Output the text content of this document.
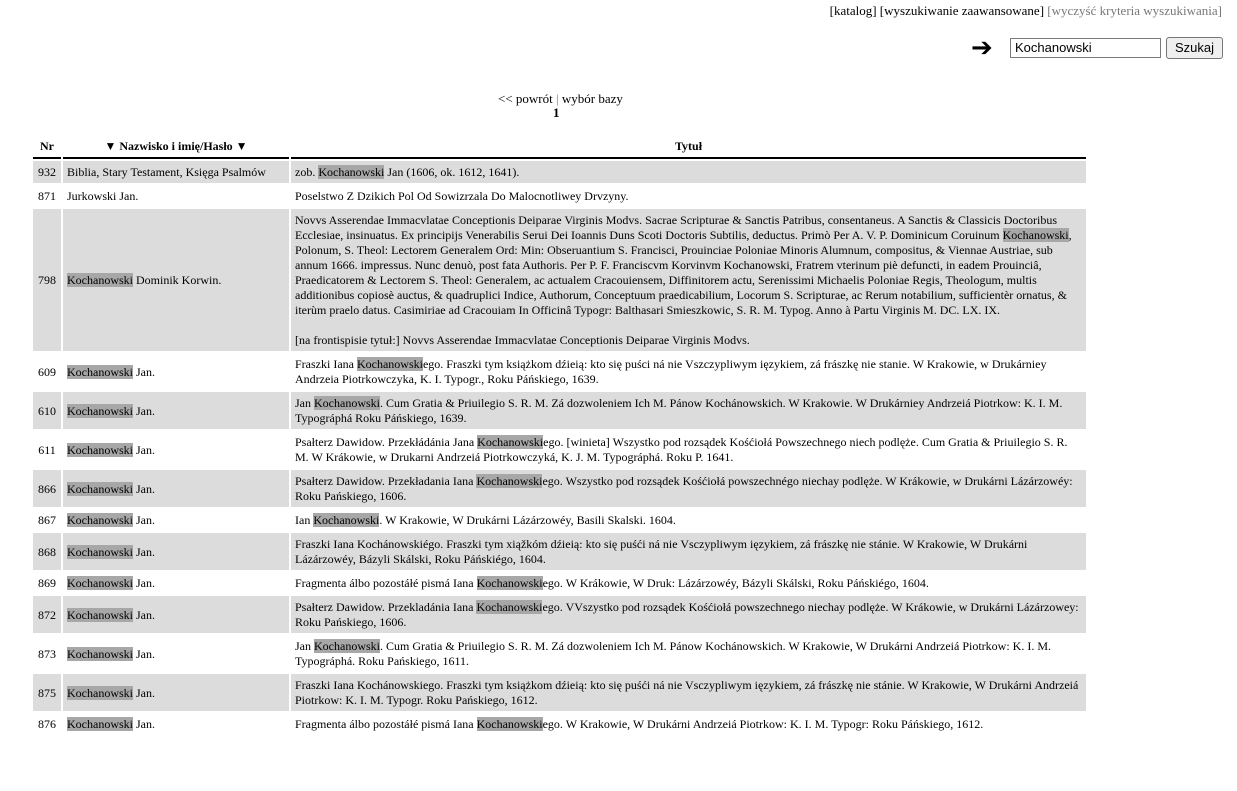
[katalog] [wyszukiwanie zaawansowane] [wyczyść kryteria wyszukiwania]
➔
Kochanowski	Szukaj
<< powrót | wybór bazy
1
Nr	▼ Nazwisko i imię/Hasło ▼	Tytuł
932	Biblia, Stary Testament, Księga Psalmów	zob. Kochanowski Jan (1606, ok. 1612, 1641).
871	Jurkowski Jan.	Poselstwo Z Dzikich Pol Od Sowizrzala Do Malocnotliwey Drvzyny.
798	Kochanowski Dominik Korwin.	Novvs Asserendae Immacvlatae Conceptionis Deiparae Virginis Modvs. Sacrae Scripturae & Sanctis Patribus, consentaneus. A Sanctis & Classicis Doctoribus Ecclesiae, insinuatus. Ex principijs Venerabilis Serui Dei Ioannis Duns Scoti Doctoris Subtilis, deductus. Primò Per A. V. P. Dominicum Coruinum Kochanowski, Polonum, S. Theol: Lectorem Generalem Ord: Min: Obseruantium S. Francisci, Prouinciae Poloniae Minoris Alumnum, compositus, & Viennae Austriae, sub annum 1666. impressus. Nunc denuò, post fata Authoris. Per P. F. Franciscvm Korvinvm Kochanowski, Fratrem vterinum piè defuncti, in eadem Prouinciâ, Praedicatorem & Lectorem S. Theol: Generalem, ac actualem Cracouiensem, Diffinitorem actu, Serenissimi Michaelis Poloniae Regis, Theologum, multis additionibus copiosè auctus, & quadruplici Indice, Authorum, Conceptuum praedicabilium, Locorum S. Scripturae, ac Rerum notabilium, sufficientèr ornatus, & iterùm praelo datus. Casimiriae ad Cracouiam In Officinâ Typogr: Balthasari Smieszkowic, S. R. M. Typog. Anno à Partu Virginis M. DC. LX. IX.
[na frontispisie tytuł:] Novvs Asserendae Immacvlatae Conceptionis Deiparae Virginis Modvs.
609	Kochanowski Jan.	Fraszki Iana Kochanowskiego. Fraszki tym książkom dźieią: kto się puści ná nie Vszczypliwym ięzykiem, zá frászkę nie stanie. W Krakowie, w Drukárniey Andrzeia Piotrkowczyka, K. I. Typogr., Roku Páńskiego, 1639.
610	Kochanowski Jan.	Jan Kochanowski. Cum Gratia & Priuilegio S. R. M. Zá dozwoleniem Ich M. Pánow Kochánowskich. W Krakowie. W Drukárniey Andrzeiá Piotrkow: K. I. M. Typográphá Roku Páńskiego, 1639.
611	Kochanowski Jan.	Psałterz Dawidow. Przekłádánia Jana Kochanowskiego. [winieta] Wszystko pod rozsądek Kośćiołá Powszechnego niech podlęże. Cum Gratia & Priuilegio S. R. M. W Krákowie, w Drukarni Andrzeiá Piotrkowczyká, K. J. M. Typográphá. Roku P. 1641.
866	Kochanowski Jan.	Psałterz Dawidow. Przekładania Iana Kochanowskiego. Wszystko pod rozsądek Kośćiołá powszechnégo niechay podlęże. W Krákowie, w Drukárni Lázárzowéy: Roku Pańskiego, 1606.
867	Kochanowski Jan.	Ian Kochanowski. W Krakowie, W Drukárni Lázárzowéy, Basili Skalski. 1604.
868	Kochanowski Jan.	Fraszki Iana Kochánowskiégo. Fraszki tym xiąžkóm dźieią: kto się puśći ná nie Vsczypliwym ięzykiem, zá frászkę nie stánie. W Krakowie, W Drukárni Lázárzowéy, Bázyli Skálski, Roku Páńskiégo, 1604.
869	Kochanowski Jan.	Fragmenta álbo pozostáłé pismá Iana Kochanowskiego. W Krákowie, W Druk: Lázárzowéy, Bázyli Skálski, Roku Páńskiégo, 1604.
872	Kochanowski Jan.	Psałterz Dawidow. Przekladánia Iana Kochanowskiego. VVszystko pod rozsądek Kośćiołá powszechnego niechay podlęże. W Krákowie, w Drukárni Lázárzowey: Roku Pańskiego, 1606.
873	Kochanowski Jan.	Jan Kochanowski. Cum Gratia & Priuilegio S. R. M. Zá dozwoleniem Ich M. Pánow Kochánowskich. W Krakowie, W Drukárni Andrzeiá Piotrkow: K. I. M. Typográphá. Roku Pańskiego, 1611.
875	Kochanowski Jan.	Fraszki Iana Kochánowskiego. Fraszki tym książkom dźieią: kto się puśći ná nie Vsczypliwym ięzykiem, zá frászkę nie stánie. W Krakowie, W Drukárni Andrzeiá Piotrkow: K. I. M. Typogr. Roku Pańskiego, 1612.
876	Kochanowski Jan.	Fragmenta álbo pozostáłé pismá Iana Kochanowskiego. W Krakowie, W Drukárni Andrzeiá Piotrkow: K. I. M. Typogr: Roku Páńskiego, 1612.
